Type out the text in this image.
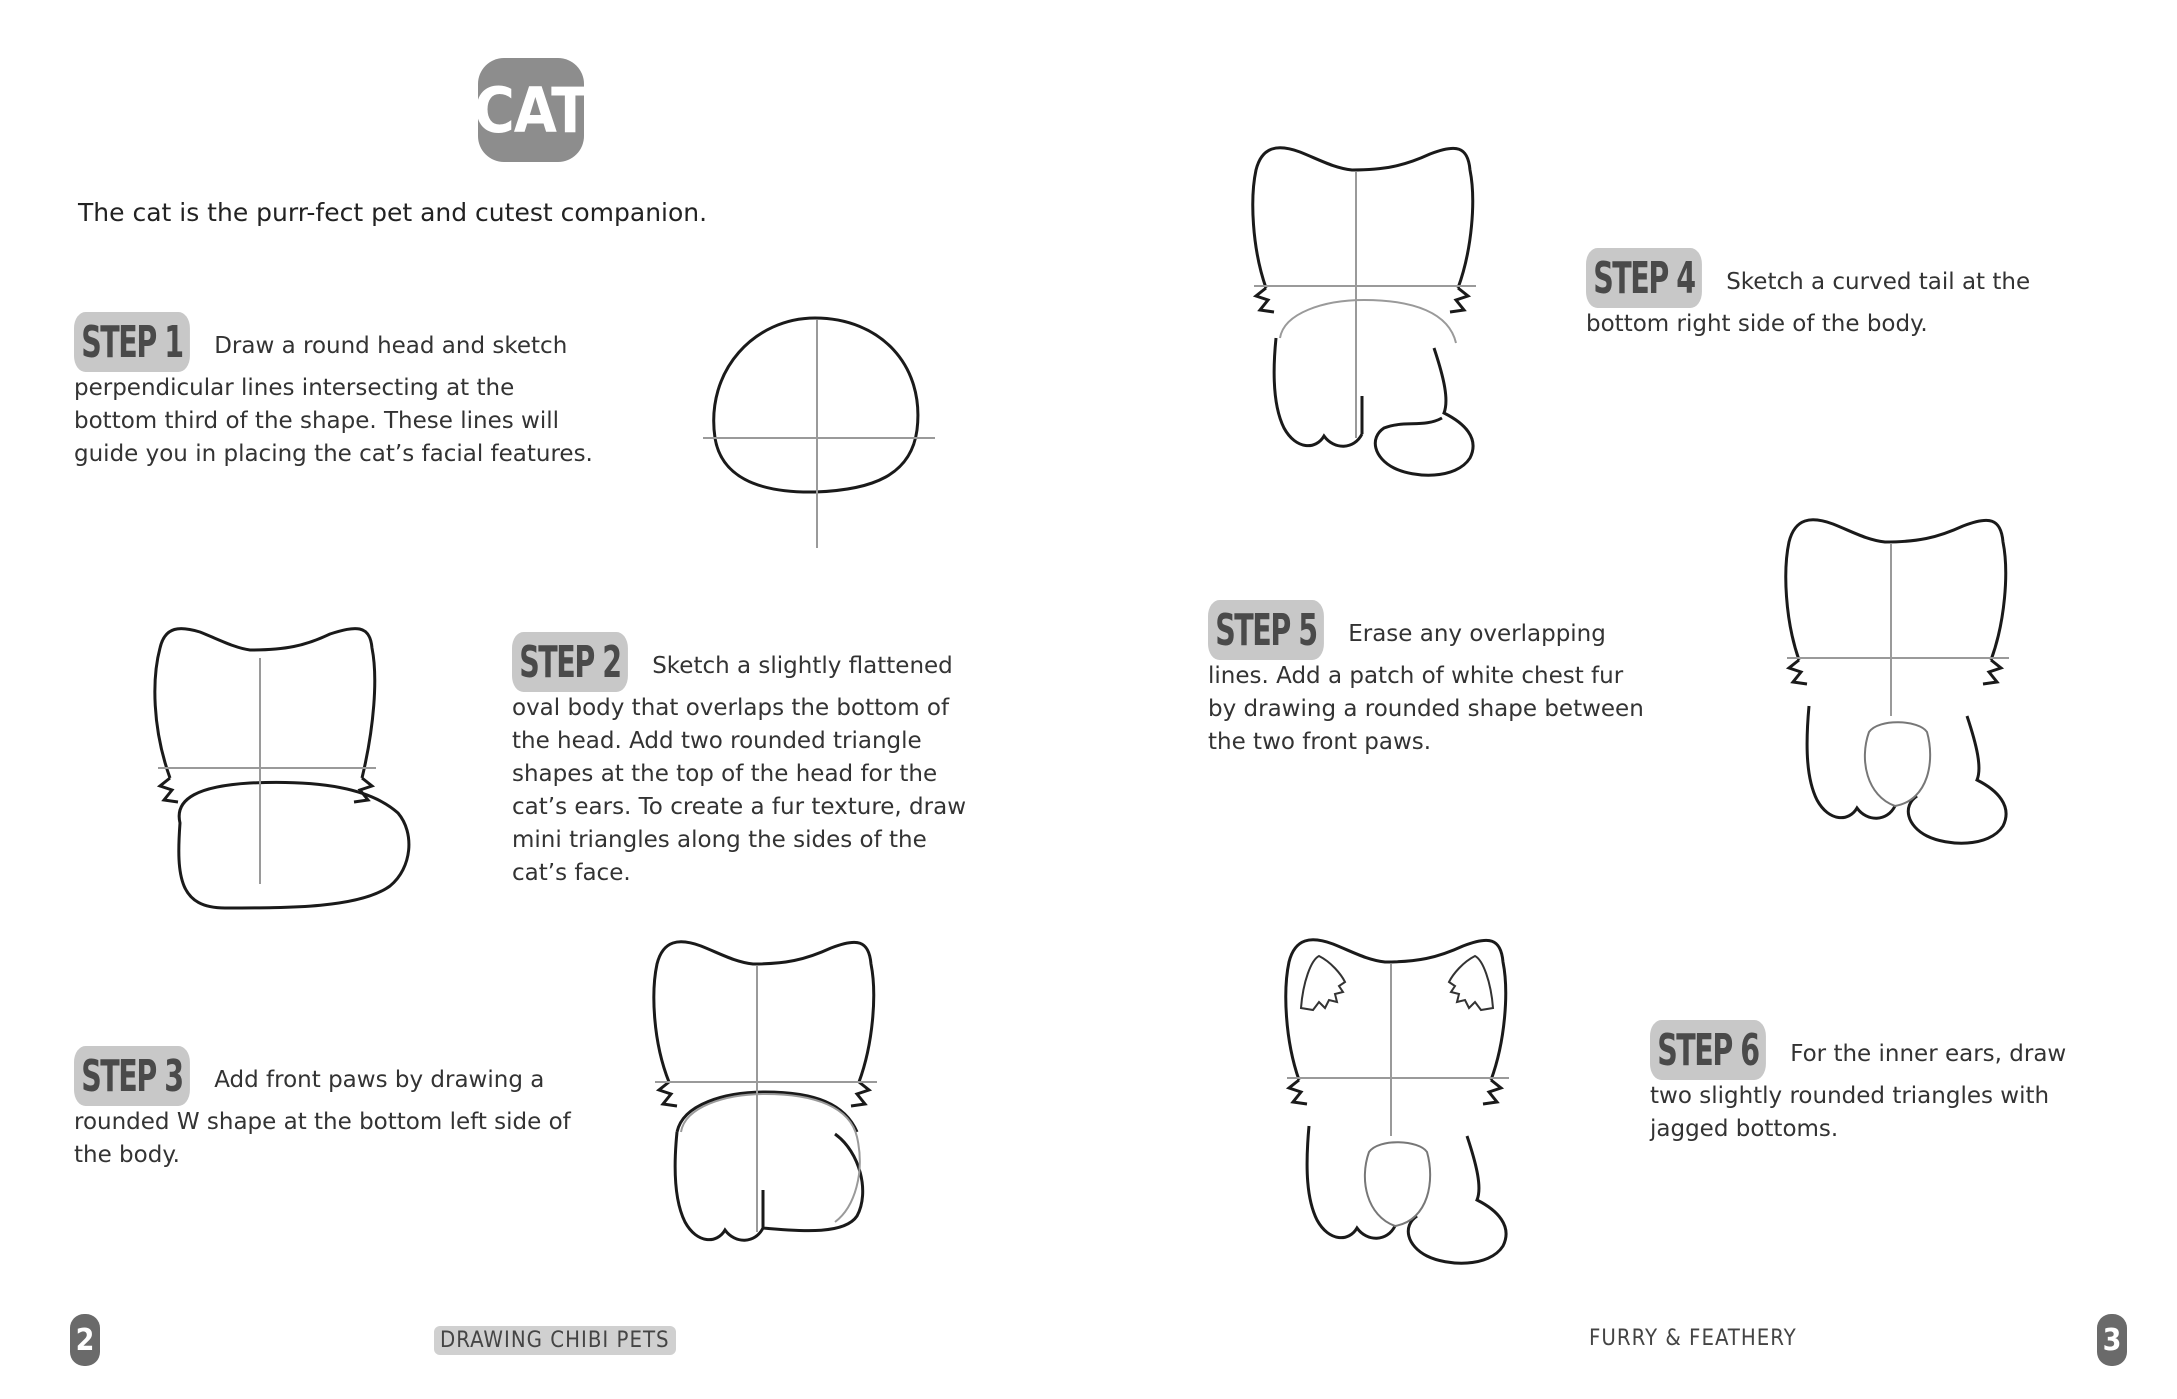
CAT
The cat is the purr-fect pet and cutest companion.
STEP 1 Draw a round head and sketch perpendicular lines intersecting at the bottom third of the shape. These lines will guide you in placing the cat’s facial features.
STEP 2 Sketch a slightly flattened oval body that overlaps the bottom of the head. Add two rounded triangle shapes at the top of the head for the cat’s ears. To create a fur texture, draw mini triangles along the sides of the cat’s face.
STEP 3 Add front paws by drawing a rounded W shape at the bottom left side of the body.
2	DRAWING CHIBI PETS
STEP 4 Sketch a curved tail at the bottom right side of the body.
STEP 5 Erase any overlapping lines. Add a patch of white chest fur by drawing a rounded shape between the two front paws.
STEP 6 For the inner ears, draw two slightly rounded triangles with jagged bottoms.
FURRY & FEATHERY	3
